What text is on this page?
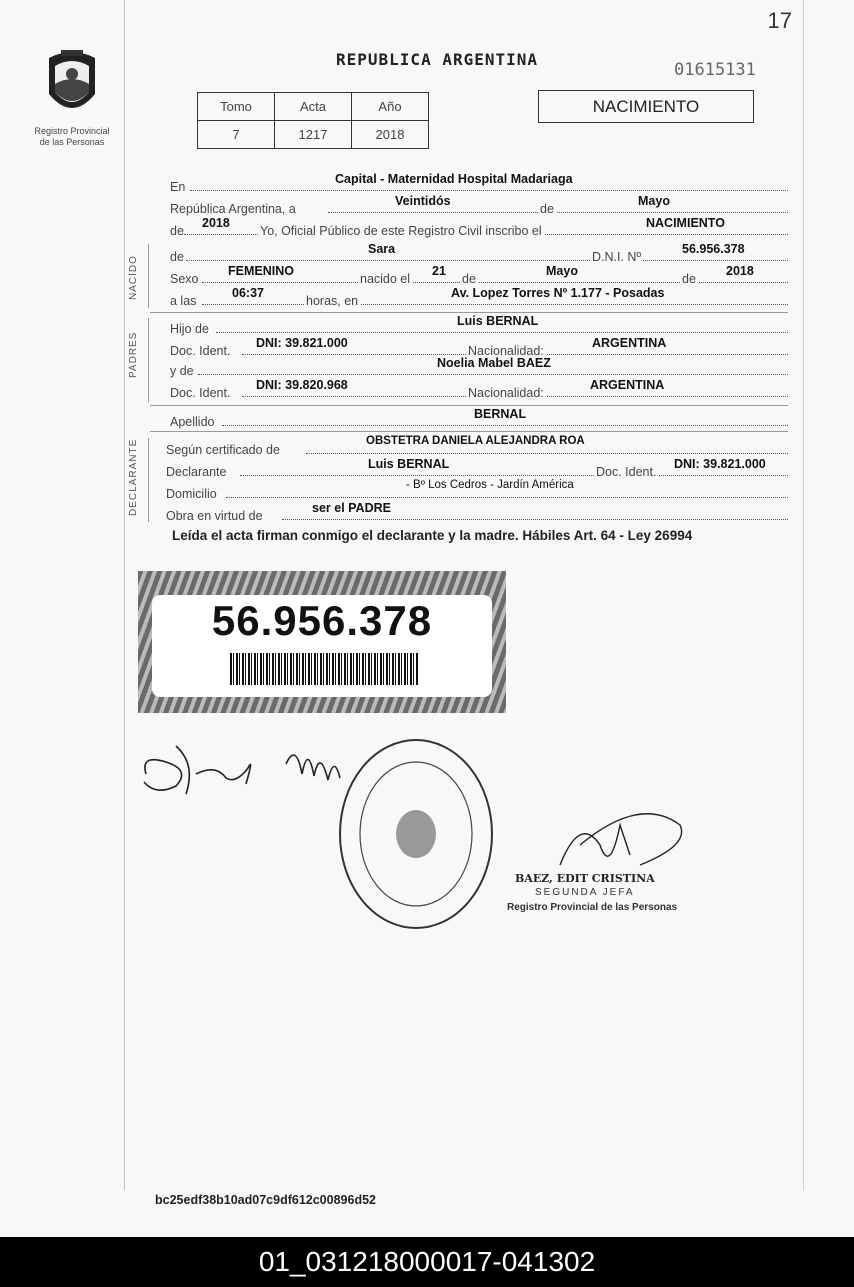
17
Registro Provincial de las Personas
REPUBLICA ARGENTINA
01615131
Tomo	Acta	Año
7	1217	2018
NACIMIENTO
En
Capital - Maternidad Hospital Madariaga
República Argentina, a
Veintidós
de
Mayo
de
2018
Yo, Oficial Público de este Registro Civil inscribo el
NACIMIENTO
NACIDO de
Sara
D.N.I. Nº
56.956.378
Sexo
FEMENINO
nacido el
21
de
Mayo
de
2018
a las
06:37
horas, en
Av. Lopez Torres Nº 1.177 - Posadas
PADRES
Hijo de
Luis BERNAL
Doc. Ident.
DNI: 39.821.000
Nacionalidad:
ARGENTINA
y de
Noelia Mabel BAEZ
Doc. Ident.
DNI: 39.820.968
Nacionalidad:
ARGENTINA
Apellido
BERNAL
DECLARANTE Según certificado de
OBSTETRA DANIELA ALEJANDRA ROA
Declarante
Luis BERNAL
Doc. Ident.
DNI: 39.821.000
Domicilio
- Bº Los Cedros - Jardín América
Obra en virtud de
ser el PADRE
Leída el acta firman conmigo el declarante y la madre. Hábiles Art. 64 - Ley 26994
56.956.378
BAEZ, EDIT CRISTINA
SEGUNDA JEFA
Registro Provincial de las Personas
bc25edf38b10ad07c9df612c00896d52
01_031218000017-041302
